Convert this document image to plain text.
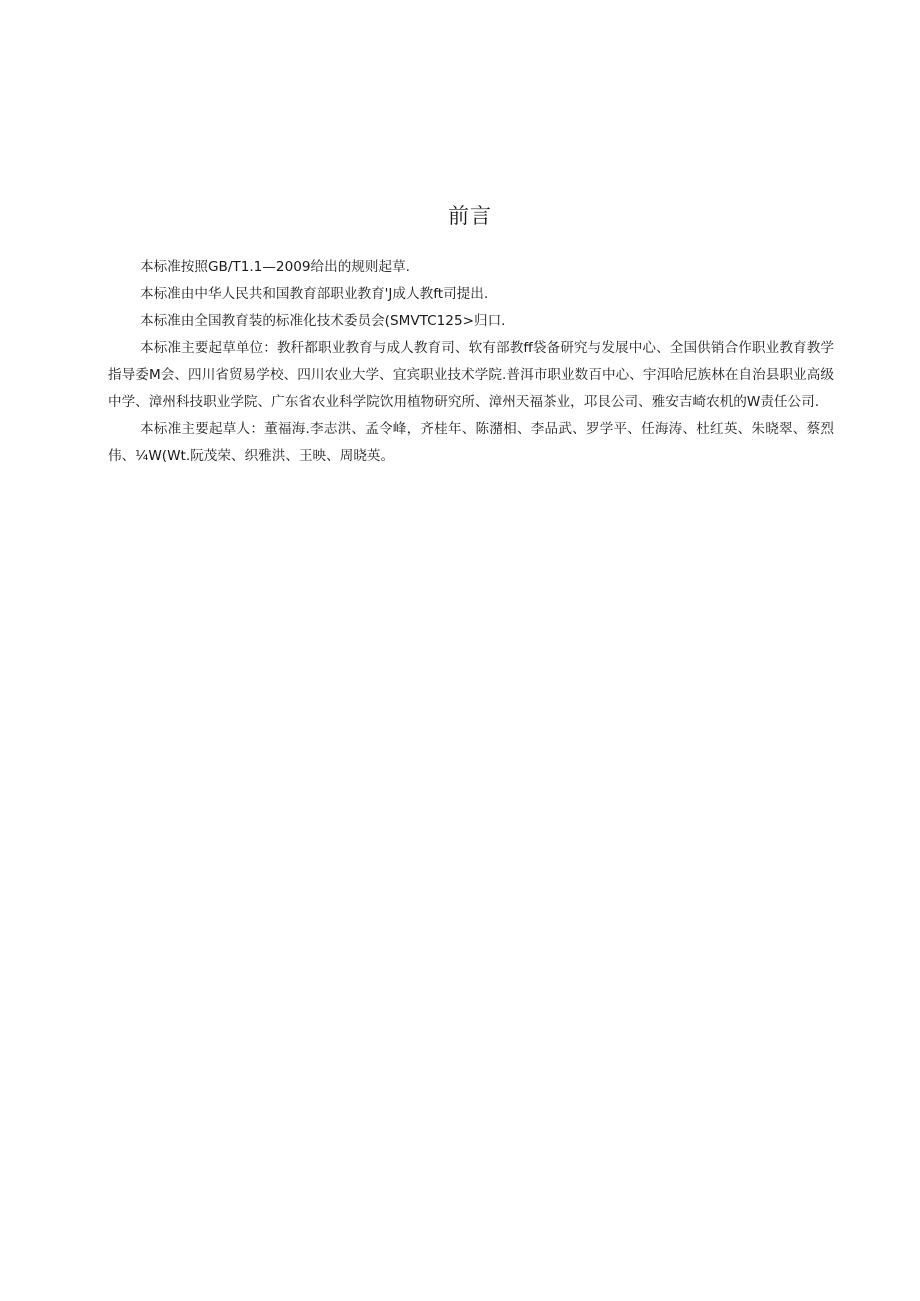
前言

本标准按照GB/T1.1—2009给出的规则起草.

本标准由中华人民共和国教育部职业教育'J成人教ft司提出.

本标准由全国教育装的标准化技术委员会(SMVTC125>归口.

本标准主要起草单位：教秆都职业教育与成人教育司、软有部教ff袋备研究与发展中心、全国供销合作职业教育教学指导委M会、四川省贸易学校、四川农业大学、宜宾职业技术学院.普洱市职业数百中心、宇洱哈尼族林在自治县职业高级中学、漳州科技职业学院、广东省农业科学院饮用植物研究所、漳州天福茶业，邛艮公司、雅安吉崎农机的W责任公司.

本标准主要起草人：董福海.李志洪、孟令峰，齐桂年、陈潴相、李品武、罗学平、任海涛、杜红英、朱晓翠、蔡烈伟、¼W(Wt.阮茂荣、织雅洪、王映、周晓英。
